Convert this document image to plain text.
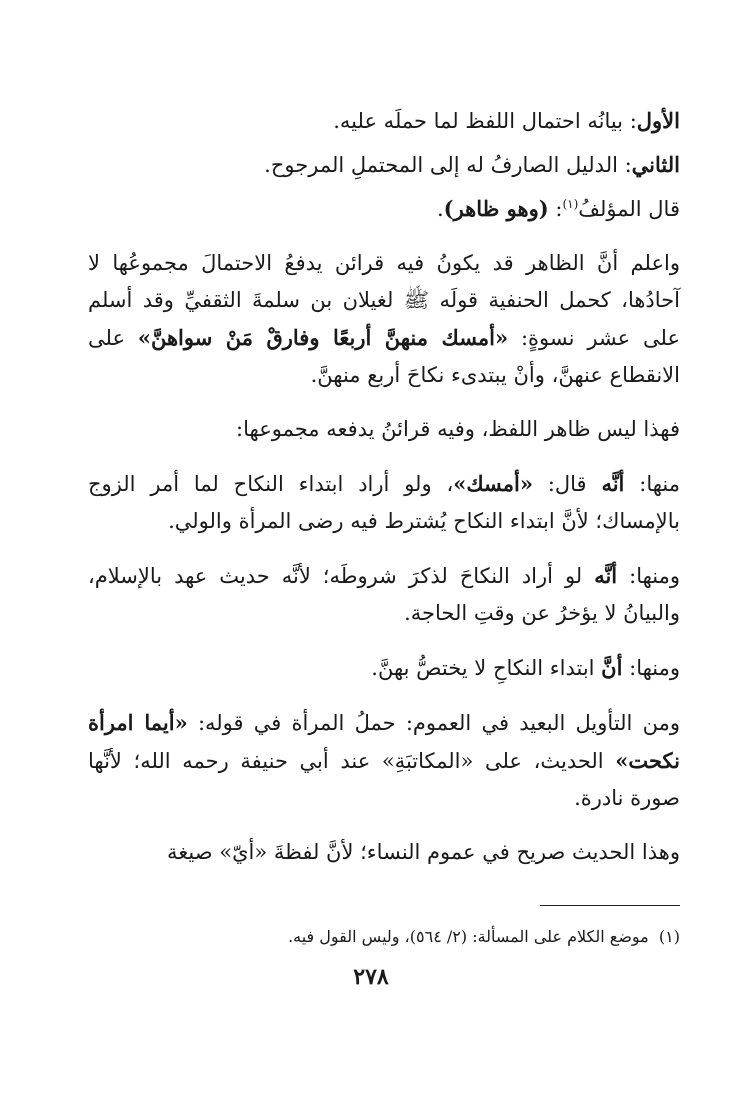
الأول: بيانُه احتمال اللفظ لما حملَه عليه.

الثاني: الدليل الصارفُ له إلى المحتملِ المرجوح.

قال المؤلفُ$^{(١)}$: (وهو ظاهر).

واعلم أنَّ الظاهر قد يكونُ فيه قرائن يدفعُ الاحتمالَ مجموعُها لا آحادُها، كحمل الحنفية قولَه ﷺ لغيلان بن سلمةَ الثقفيِّ وقد أسلم على عشر نسوةٍ: «أمسك منهنَّ أربعًا وفارقْ مَنْ سواهنَّ» على الانقطاع عنهنَّ، وأنْ يبتدىء نكاحَ أربع منهنَّ.

فهذا ليس ظاهر اللفظ، وفيه قرائنُ يدفعه مجموعها:

منها: أنَّه قال: «أمسك»، ولو أراد ابتداء النكاح لما أمر الزوج بالإمساك؛ لأنَّ ابتداء النكاح يُشترط فيه رضى المرأة والولي.

ومنها: أنَّه لو أراد النكاحَ لذكرَ شروطَه؛ لأنَّه حديث عهد بالإسلام، والبيانُ لا يؤخرُ عن وقتِ الحاجة.

ومنها: أنَّ ابتداء النكاحِ لا يختصُّ بهنَّ.

ومن التأويل البعيد في العموم: حملُ المرأة في قوله: «أيما امرأة نكحت» الحديث، على «المكاتبَةِ» عند أبي حنيفة رحمه الله؛ لأنَّها صورة نادرة.

وهذا الحديث صريح في عموم النساء؛ لأنَّ لفظةَ «أيّ» صيغة

(١)  موضع الكلام على المسألة: (٢/ ٥٦٤)، وليس القول فيه.
٢٧٨
